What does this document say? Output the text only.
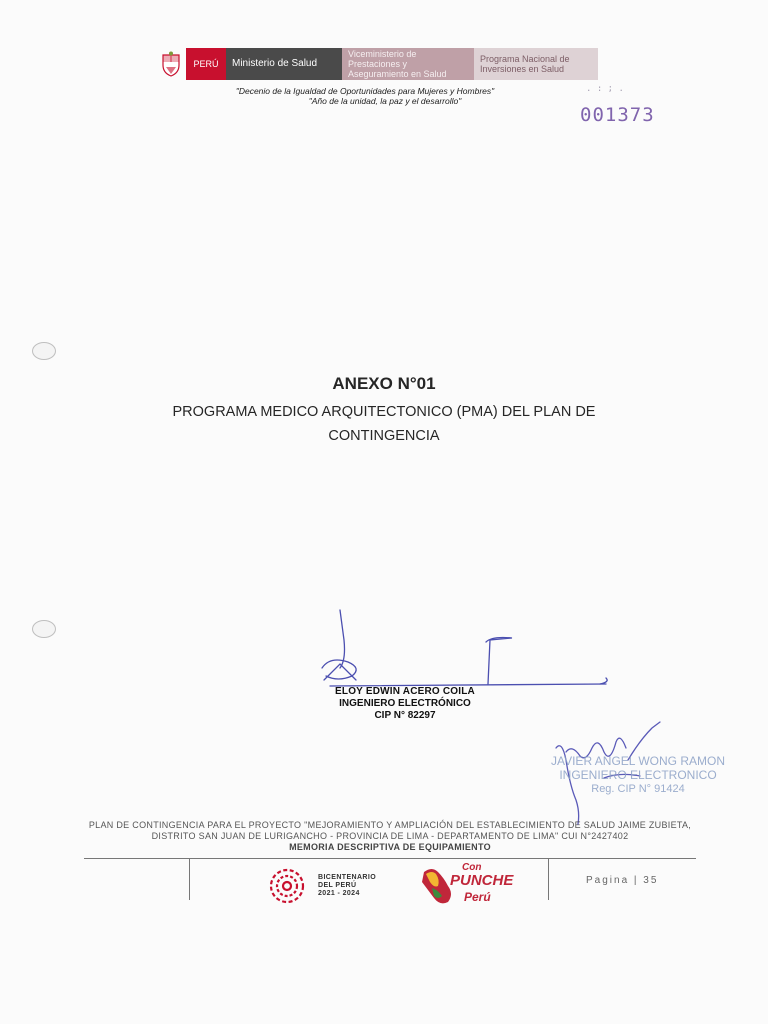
PERÚ	Ministerio de Salud
Viceministerio de Prestaciones y Aseguramiento en Salud
Programa Nacional de Inversiones en Salud
"Decenio de la Igualdad de Oportunidades para Mujeres y Hombres"
"Año de la unidad, la paz y el desarrollo"
. : ; .
001373
ANEXO N°01
PROGRAMA MEDICO ARQUITECTONICO (PMA) DEL PLAN DE CONTINGENCIA
ELOY EDWIN ACERO COILA
INGENIERO ELECTRÓNICO
CIP N° 82297
JAVIER ANGEL WONG RAMON
INGENIERO ELECTRONICO
Reg. CIP N° 91424
PLAN DE CONTINGENCIA PARA EL PROYECTO "MEJORAMIENTO Y AMPLIACIÓN DEL ESTABLECIMIENTO DE SALUD JAIME ZUBIETA,
DISTRITO SAN JUAN DE LURIGANCHO - PROVINCIA DE LIMA - DEPARTAMENTO DE LIMA" CUI N°2427402
MEMORIA DESCRIPTIVA DE EQUIPAMIENTO
BICENTENARIO
DEL PERÚ
2021 - 2024
Con
PUNCHE
Perú
Pagina | 35
